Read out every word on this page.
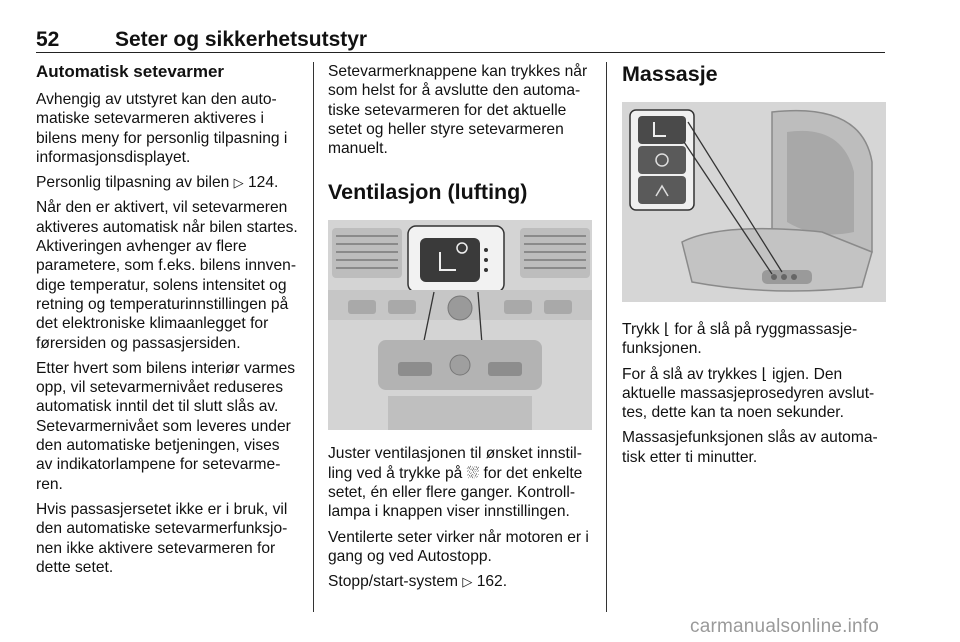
52	Seter og sikkerhetsutstyr
Automatisk setevarmer

Avhengig av utstyret kan den automatiske setevarmeren aktiveres i bilens meny for personlig tilpasning i informasjonsdisplayet.

Personlig tilpasning av bilen ▷ 124.

Når den er aktivert, vil setevarmeren aktiveres automatisk når bilen startes. Aktiveringen avhenger av flere parametere, som f.eks. bilens innvendige temperatur, solens intensitet og retning og temperaturinnstillingen på det elektroniske klimaanlegget for førersiden og passasjersiden.

Etter hvert som bilens interiør varmes opp, vil setevarmernivået reduseres automatisk inntil det til slutt slås av. Setevarmernivået som leveres under den automatiske betjeningen, vises av indikatorlampene for setevarmeren.

Hvis passasjersetet ikke er i bruk, vil den automatiske setevarmerfunksjonen ikke aktivere setevarmeren for dette setet.

Setevarmerknappene kan trykkes når som helst for å avslutte den automatiske setevarmeren for det aktuelle setet og heller styre setevarmeren manuelt.

Ventilasjon (lufting)

Juster ventilasjonen til ønsket innstilling ved å trykke på ⛆ for det enkelte setet, én eller flere ganger. Kontrolllampa i knappen viser innstillingen.

Ventilerte seter virker når motoren er i gang og ved Autostopp.

Stopp/start-system ▷ 162.

Massasje

Trykk ⌊ for å slå på ryggmassasjefunksjonen.

For å slå av trykkes ⌊ igjen. Den aktuelle massasjeprosedyren avsluttes, dette kan ta noen sekunder.

Massasjefunksjonen slås av automatisk etter ti minutter.

carmanualsonline.info
